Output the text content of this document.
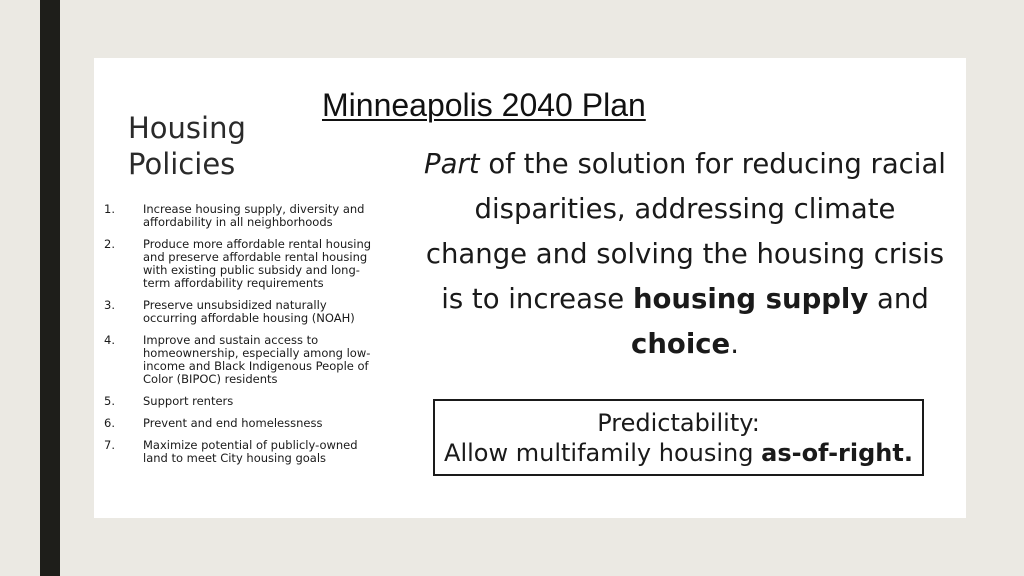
Minneapolis 2040 Plan
Housing
Policies
1. Increase housing supply, diversity and affordability in all neighborhoods
2. Produce more affordable rental housing and preserve affordable rental housing with existing public subsidy and long-term affordability requirements
3. Preserve unsubsidized naturally occurring affordable housing (NOAH)
4. Improve and sustain access to homeownership, especially among low-income and Black Indigenous People of Color (BIPOC) residents
5. Support renters
6. Prevent and end homelessness
7. Maximize potential of publicly-owned land to meet City housing goals

Part of the solution for reducing racial disparities, addressing climate change and solving the housing crisis is to increase housing supply and choice.

Predictability:
Allow multifamily housing as-of-right.
